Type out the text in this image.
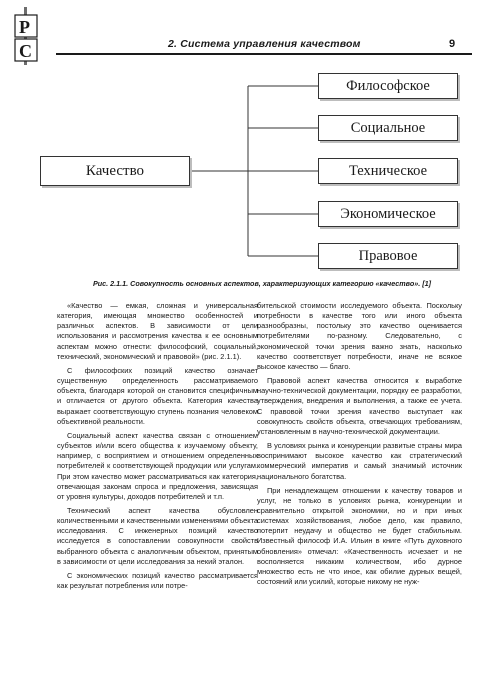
P
C	2. Система управления качеством	9
Качество
Философское
Социальное
Техническое
Экономическое
Правовое
Рис. 2.1.1. Совокупность основных аспектов, характеризующих категорию «качество». [1]

«Качество — емкая, сложная и универсальная категория, имеющая множество особенностей и различных аспектов. В зависимости от цели использования и рассмотрения качества к ее основным аспектам можно отнести: философский, социальный, технический, экономический и правовой» (рис. 2.1.1).

С философских позиций качество означает существенную определенность рассматриваемого объекта, благодаря которой он становится специфичным и отличается от другого объекта. Категория качества выражает соответствующую ступень познания человеком объективной реальности.

Социальный аспект качества связан с отношением субъектов и/или всего общества к изучаемому объекту, например, с восприятием и отношением определенных потребителей к соответствующей продукции или услугам. При этом качество может рассматриваться как категория, отвечающая законам спроса и предложения, зависящая от уровня культуры, доходов потребителей и т.п.

Технический аспект качества обусловлен количественными и качественными изменениями объекта исследования. С инженерных позиций качество исследуется в сопоставлении совокупности свойств выбранного объекта с аналогичным объектом, принятым в зависимости от цели исследования за некий эталон.

С экономических позиций качество рассматривается как результат потребления или потре-

бительской стоимости исследуемого объекта. Поскольку потребности в качестве того или иного объекта разнообразны, постольку это качество оценивается потребителями по-разному. Следовательно, с экономической точки зрения важно знать, насколько качество соответствует потребности, иначе не всякое высокое качество — благо.

Правовой аспект качества относится к выработке научно-технической документации, порядку ее разработки, утверждения, внедрения и выполнения, а также ее учета. С правовой точки зрения качество выступает как совокупность свойств объекта, отвечающих требованиям, установленным в научно-технической документации.

В условиях рынка и конкуренции развитые страны мира воспринимают высокое качество как стратегический коммерческий императив и самый значимый источник национального богатства.

При ненадлежащем отношении к качеству товаров и услуг, не только в условиях рынка, конкуренции и сравнительно открытой экономики, но и при иных системах хозяйствования, любое дело, как правило, потерпит неудачу и общество не будет стабильным. Известный философ И.А. Ильин в книге «Путь духовного обновления» отмечал: «Качественность исчезает и не восполняется никаким количеством, ибо дурное множество есть не что иное, как обилие дурных вещей, состояний или усилий, которые никому не нуж-
